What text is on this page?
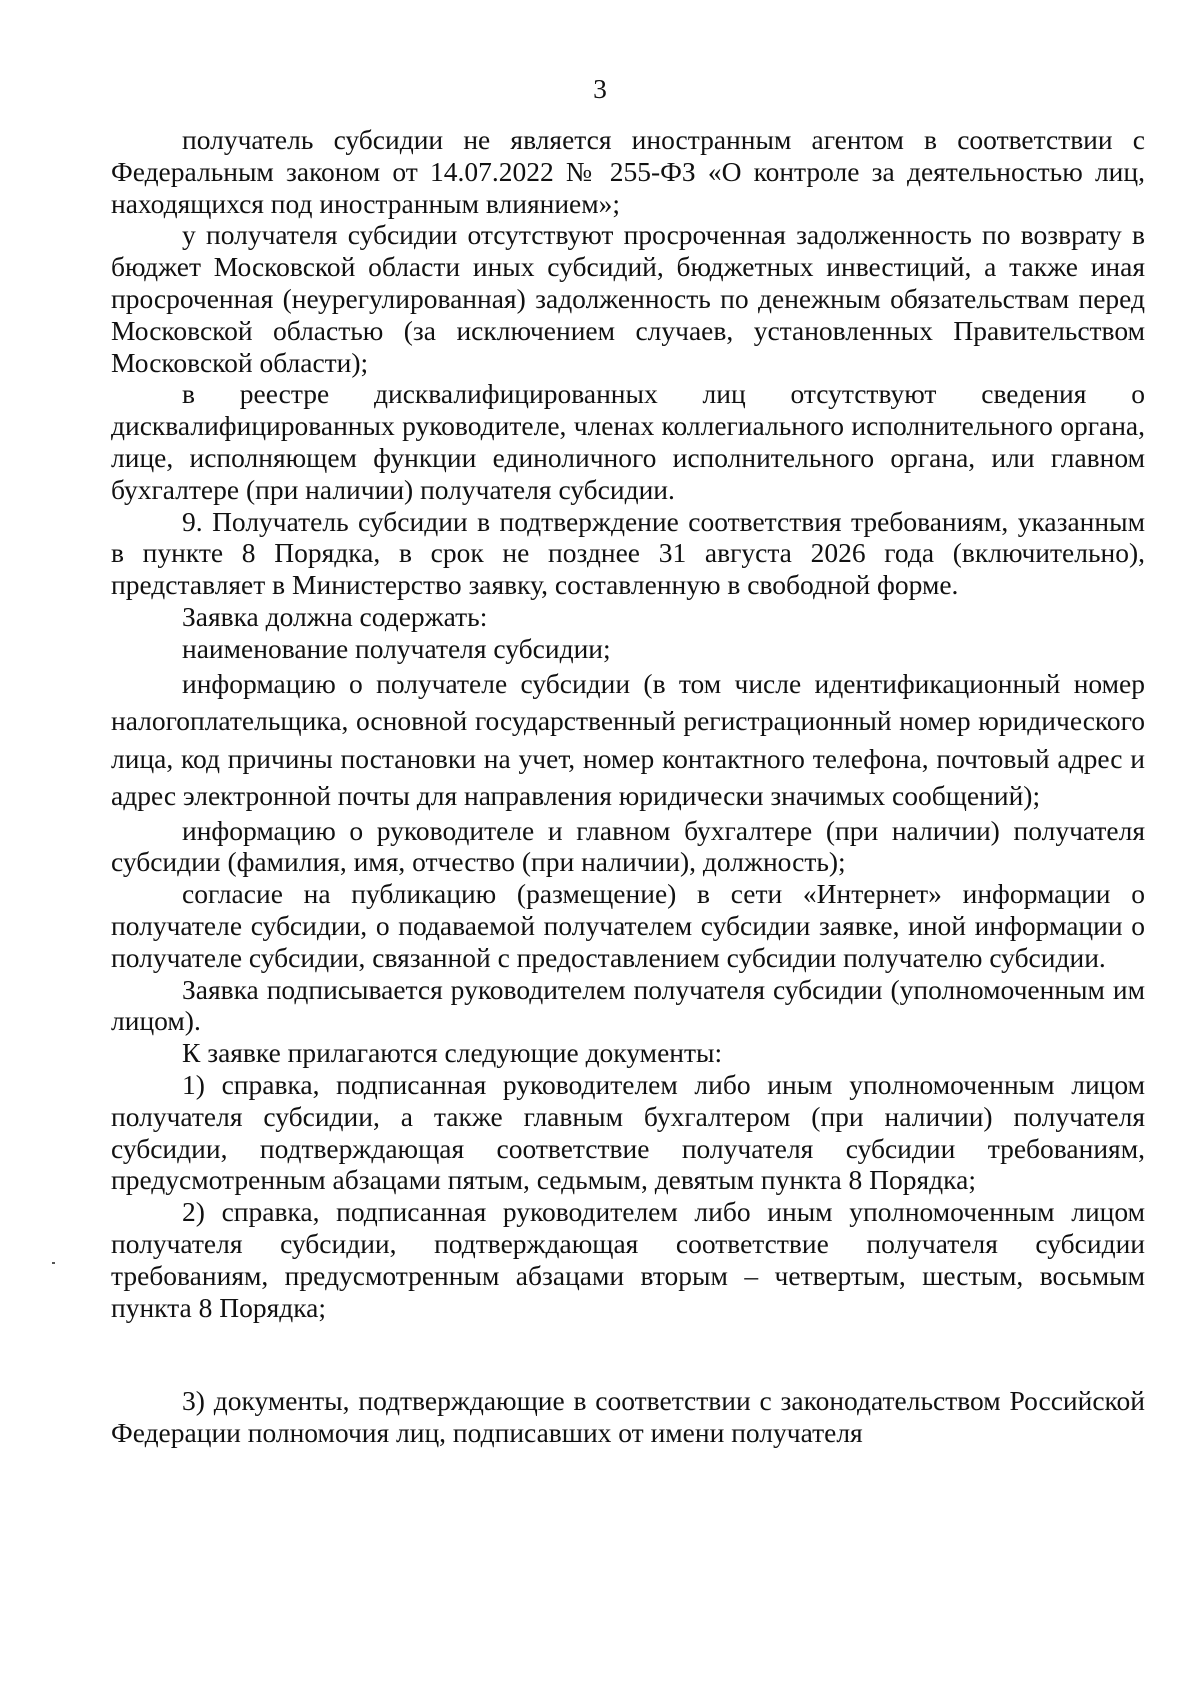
3

получатель субсидии не является иностранным агентом в соответствии с Федеральным законом от 14.07.2022 № 255-ФЗ «О контроле за деятельностью лиц, находящихся под иностранным влиянием»;

у получателя субсидии отсутствуют просроченная задолженность по возврату в бюджет Московской области иных субсидий, бюджетных инвестиций, а также иная просроченная (неурегулированная) задолженность по денежным обязательствам перед Московской областью (за исключением случаев, установленных Правительством Московской области);

в реестре дисквалифицированных лиц отсутствуют сведения о дисквалифицированных руководителе, членах коллегиального исполнительного органа, лице, исполняющем функции единоличного исполнительного органа, или главном бухгалтере (при наличии) получателя субсидии.

9. Получатель субсидии в подтверждение соответствия требованиям, указанным в пункте 8 Порядка, в срок не позднее 31 августа 2026 года (включительно), представляет в Министерство заявку, составленную в свободной форме.

Заявка должна содержать:

наименование получателя субсидии;

информацию о получателе субсидии (в том числе идентификационный номер налогоплательщика, основной государственный регистрационный номер юридического лица, код причины постановки на учет, номер контактного телефона, почтовый адрес и адрес электронной почты для направления юридически значимых сообщений);

информацию о руководителе и главном бухгалтере (при наличии) получателя субсидии (фамилия, имя, отчество (при наличии), должность);

согласие на публикацию (размещение) в сети «Интернет» информации о получателе субсидии, о подаваемой получателем субсидии заявке, иной информации о получателе субсидии, связанной с предоставлением субсидии получателю субсидии.

Заявка подписывается руководителем получателя субсидии (уполномоченным им лицом).

К заявке прилагаются следующие документы:

1) справка, подписанная руководителем либо иным уполномоченным лицом получателя субсидии, а также главным бухгалтером (при наличии) получателя субсидии, подтверждающая соответствие получателя субсидии требованиям, предусмотренным абзацами пятым, седьмым, девятым пункта 8 Порядка;

2) справка, подписанная руководителем либо иным уполномоченным лицом получателя субсидии, подтверждающая соответствие получателя субсидии требованиям, предусмотренным абзацами вторым – четвертым, шестым, восьмым пункта 8 Порядка;

3) документы, подтверждающие в соответствии с законодательством Российской Федерации полномочия лиц, подписавших от имени получателя
